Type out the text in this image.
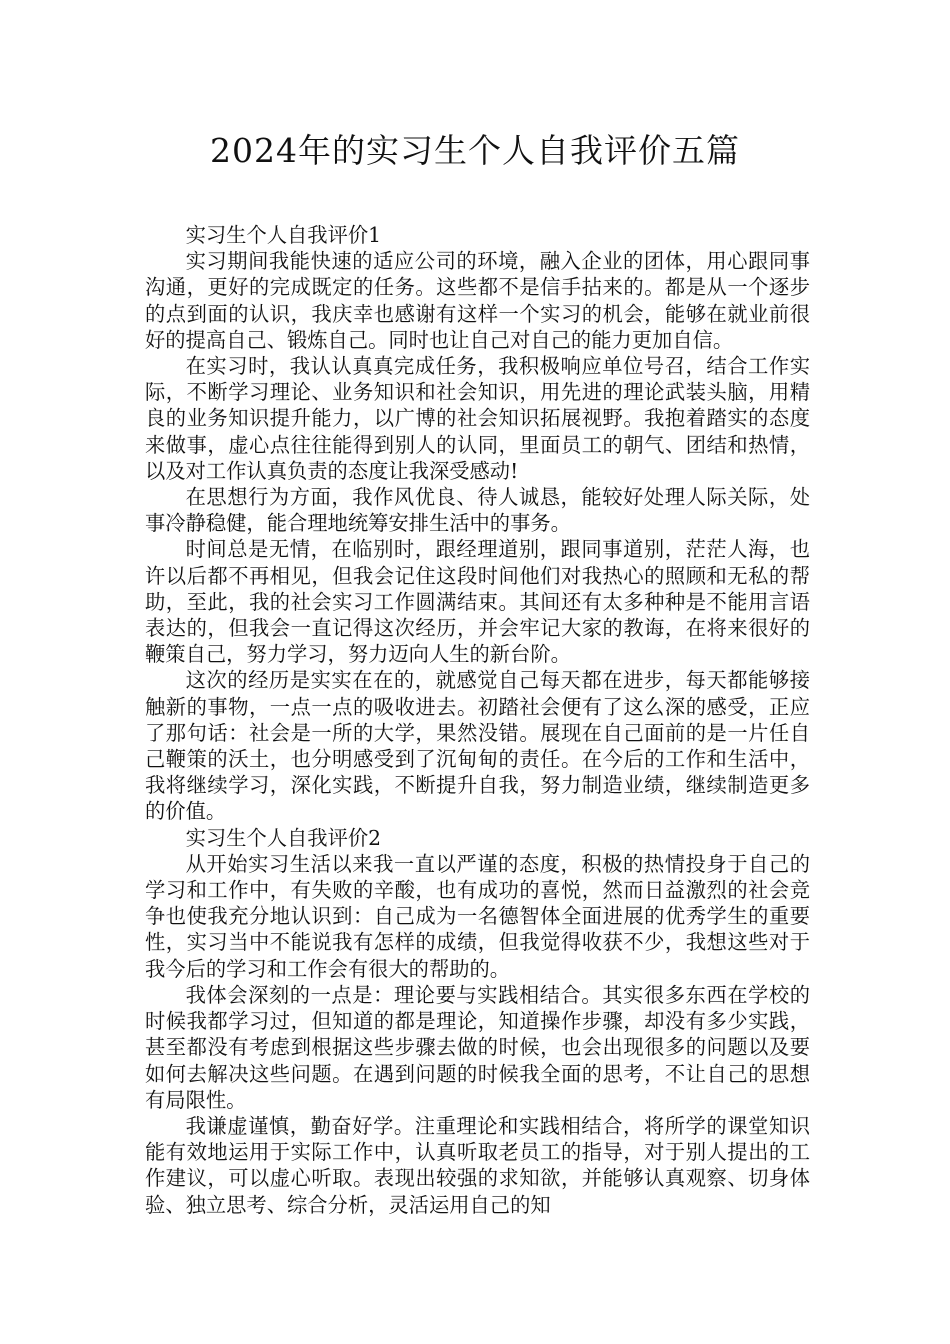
2024年的实习生个人自我评价五篇

实习生个人自我评价1

实习期间我能快速的适应公司的环境，融入企业的团体，用心跟同事沟通，更好的完成既定的任务。这些都不是信手拈来的。都是从一个逐步的点到面的认识，我庆幸也感谢有这样一个实习的机会，能够在就业前很好的提高自己、锻炼自己。同时也让自己对自己的能力更加自信。

在实习时，我认认真真完成任务，我积极响应单位号召，结合工作实际，不断学习理论、业务知识和社会知识，用先进的理论武装头脑，用精良的业务知识提升能力，以广博的社会知识拓展视野。我抱着踏实的态度来做事，虚心点往往能得到别人的认同，里面员工的朝气、团结和热情，以及对工作认真负责的态度让我深受感动!

在思想行为方面，我作风优良、待人诚恳，能较好处理人际关际，处事冷静稳健，能合理地统筹安排生活中的事务。

时间总是无情，在临别时，跟经理道别，跟同事道别，茫茫人海，也许以后都不再相见，但我会记住这段时间他们对我热心的照顾和无私的帮助，至此，我的社会实习工作圆满结束。其间还有太多种种是不能用言语表达的，但我会一直记得这次经历，并会牢记大家的教诲，在将来很好的鞭策自己，努力学习，努力迈向人生的新台阶。

这次的经历是实实在在的，就感觉自己每天都在进步，每天都能够接触新的事物，一点一点的吸收进去。初踏社会便有了这么深的感受，正应了那句话：社会是一所的大学，果然没错。展现在自己面前的是一片任自己鞭策的沃土，也分明感受到了沉甸甸的责任。在今后的工作和生活中，我将继续学习，深化实践，不断提升自我，努力制造业绩，继续制造更多的价值。

实习生个人自我评价2

从开始实习生活以来我一直以严谨的态度，积极的热情投身于自己的学习和工作中，有失败的辛酸，也有成功的喜悦，然而日益激烈的社会竞争也使我充分地认识到：自己成为一名德智体全面进展的优秀学生的重要性，实习当中不能说我有怎样的成绩，但我觉得收获不少，我想这些对于我今后的学习和工作会有很大的帮助的。

我体会深刻的一点是：理论要与实践相结合。其实很多东西在学校的时候我都学习过，但知道的都是理论，知道操作步骤，却没有多少实践，甚至都没有考虑到根据这些步骤去做的时候，也会出现很多的问题以及要如何去解决这些问题。在遇到问题的时候我全面的思考，不让自己的思想有局限性。

我谦虚谨慎，勤奋好学。注重理论和实践相结合，将所学的课堂知识能有效地运用于实际工作中，认真听取老员工的指导，对于别人提出的工作建议，可以虚心听取。表现出较强的求知欲，并能够认真观察、切身体验、独立思考、综合分析，灵活运用自己的知
